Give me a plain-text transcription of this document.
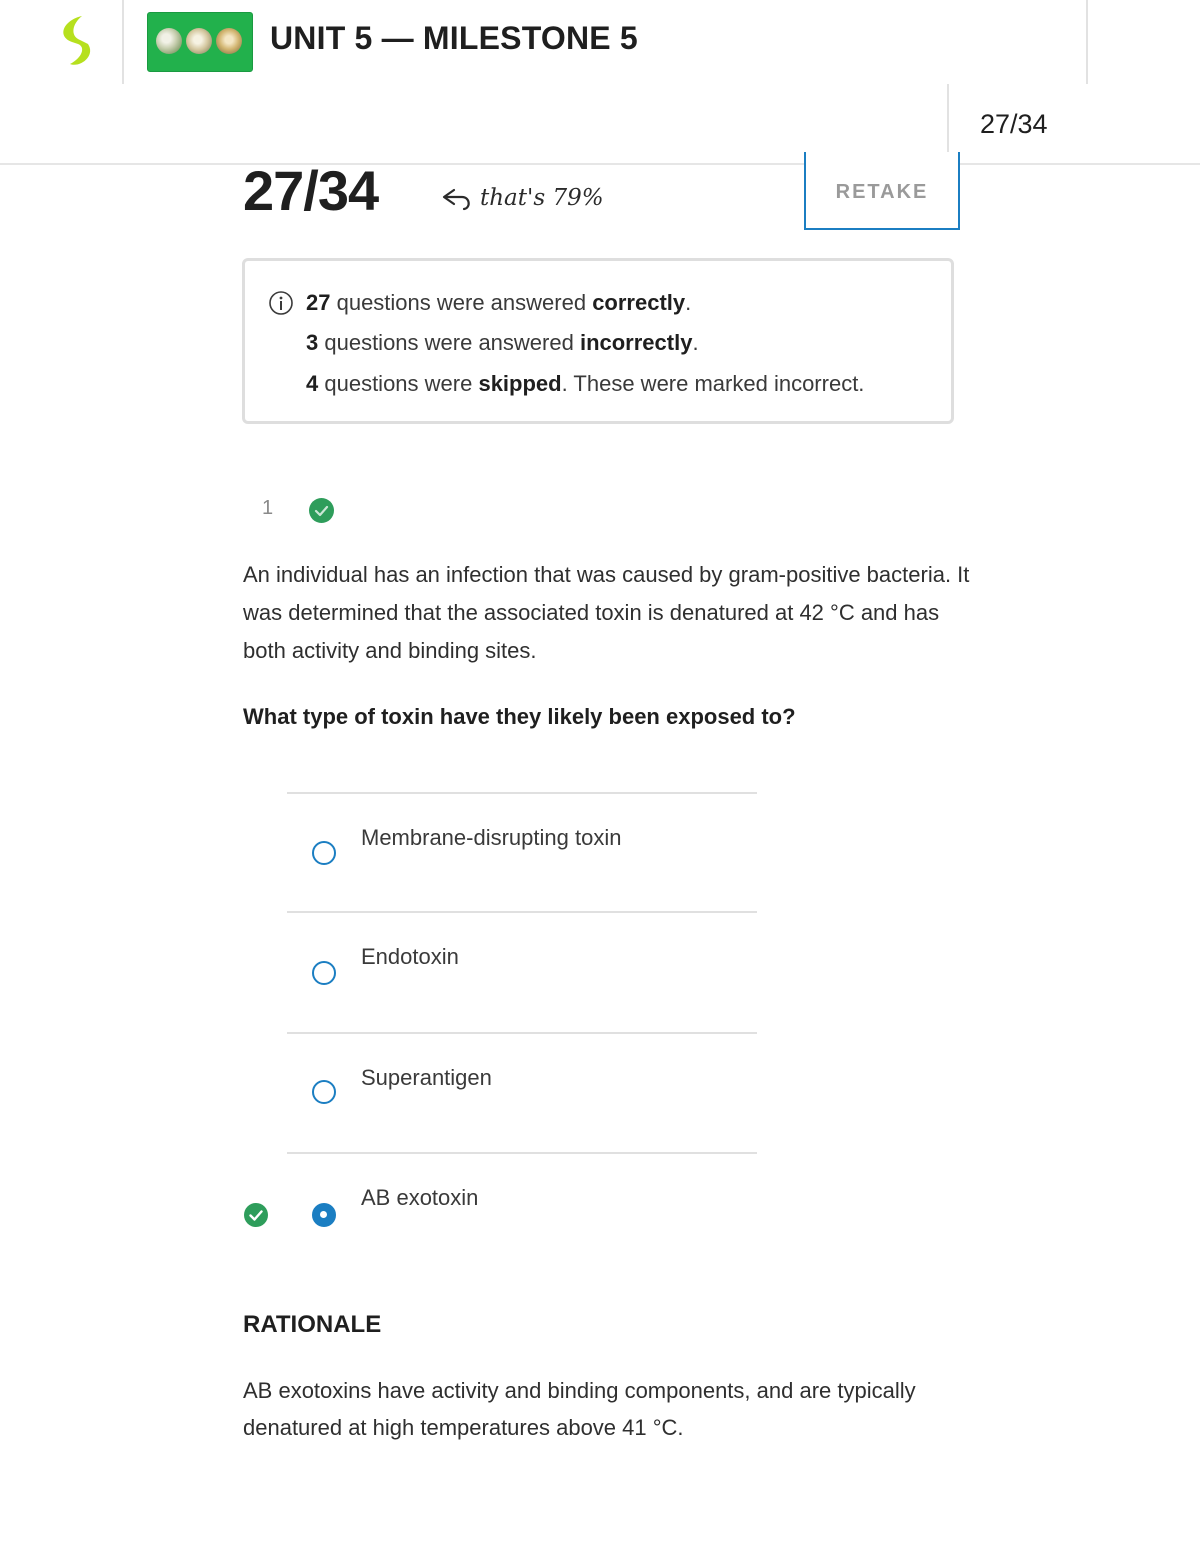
UNIT 5 — MILESTONE 5
27/34
27/34	that's 79%	RETAKE
27 questions were answered correctly.
3 questions were answered incorrectly.
4 questions were skipped. These were marked incorrect.
1
An individual has an infection that was caused by gram-positive bacteria. It was determined that the associated toxin is denatured at 42 °C and has both activity and binding sites.
What type of toxin have they likely been exposed to?
Membrane-disrupting toxin
Endotoxin
Superantigen
AB exotoxin
RATIONALE
AB exotoxins have activity and binding components, and are typically denatured at high temperatures above 41 °C.
